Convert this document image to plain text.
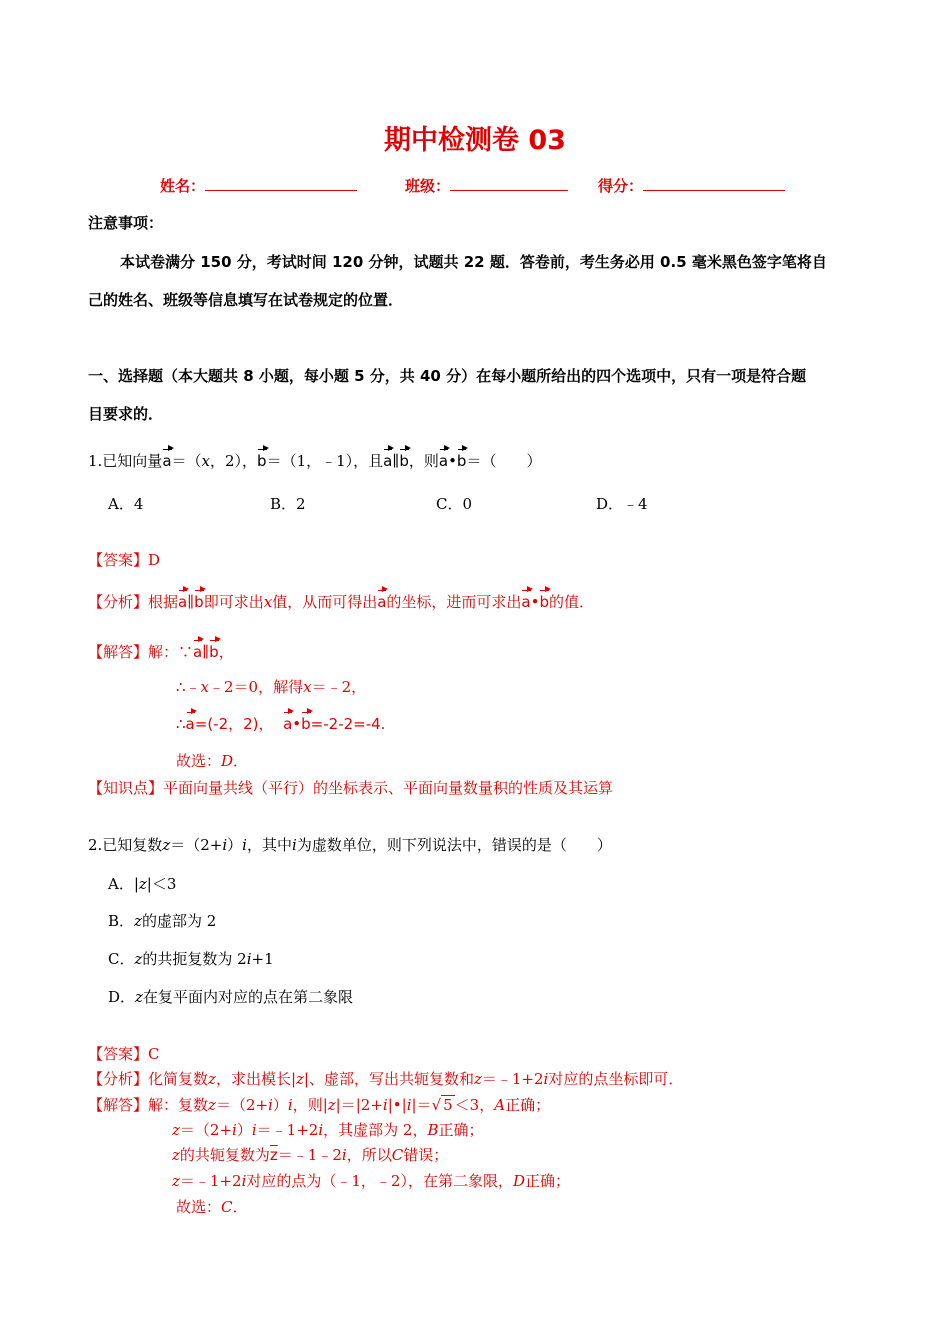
期中检测卷 03
姓名：	班级：	得分：
注意事项：
本试卷满分 150 分，考试时间 120 分钟，试题共 22 题．答卷前，考生务必用 0.5 毫米黑色签字笔将自
己的姓名、班级等信息填写在试卷规定的位置．
一、选择题（本大题共 8 小题，每小题 5 分，共 40 分）在每小题所给出的四个选项中，只有一项是符合题
目要求的．
1.已知向量a＝（x，2），b＝（1，﹣1），且a∥b，则a•b＝（　　）
A．4	B．2	C．0	D．﹣4
【答案】D
【分析】根据a∥b即可求出x值，从而可得出a的坐标，进而可求出a•b的值．
【解答】解：∵a∥b，
∴﹣x﹣2＝0，解得x＝﹣2，
∴a=(-2，2)， a•b=-2-2=-4.
故选：D．
【知识点】平面向量共线（平行）的坐标表示、平面向量数量积的性质及其运算
2.已知复数z＝（2+i）i，其中i为虚数单位，则下列说法中，错误的是（　　）
A．|z|＜3
B．z的虚部为 2
C．z的共扼复数为 2i+1
D．z在复平面内对应的点在第二象限
【答案】C
【分析】化简复数z，求出模长|z|、虚部，写出共轭复数和z＝﹣1+2i对应的点坐标即可．
【解答】解：复数z＝（2+i）i，则|z|＝|2+i|•|i|＝√ 5 ＜3，A正确；
z＝（2+i）i＝﹣1+2i，其虚部为 2，B正确；
z的共轭复数为$\overline{z}=﹣1﹣2i$，所以C错误；
z＝﹣1+2i对应的点为（﹣1，﹣2），在第二象限，D正确；
故选：C．
